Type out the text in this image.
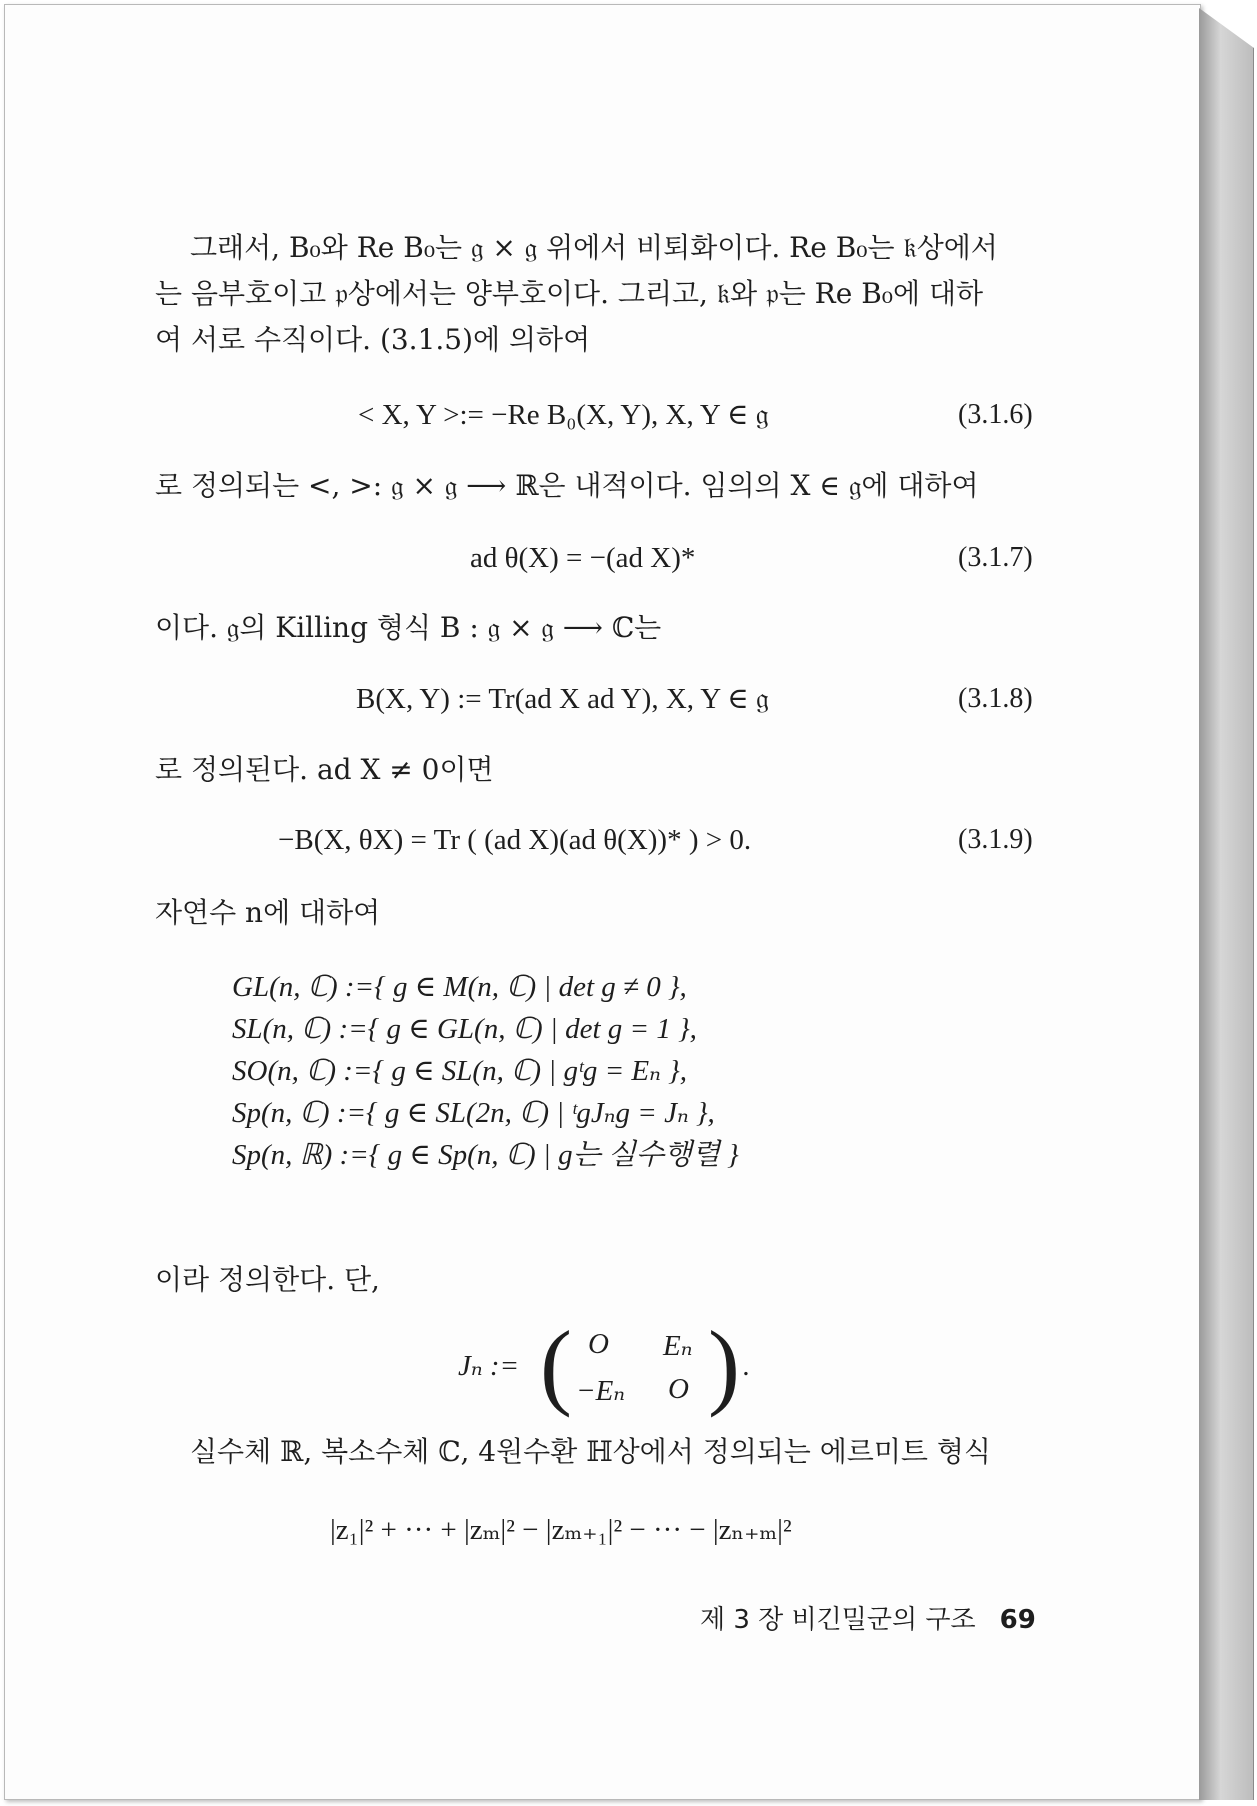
그래서, B₀와 Re B₀는 𝔤 × 𝔤 위에서 비퇴화이다. Re B₀는 𝔨상에서
는 음부호이고 𝔭상에서는 양부호이다. 그리고, 𝔨와 𝔭는 Re B₀에 대하
여 서로 수직이다. (3.1.5)에 의하여
< X, Y >:= −Re B₀(X, Y), X, Y ∈ 𝔤	(3.1.6)
로 정의되는 <, >: 𝔤 × 𝔤 ⟶ ℝ은 내적이다. 임의의 X ∈ 𝔤에 대하여
ad θ(X) = −(ad X)*	(3.1.7)
이다. 𝔤의 Killing 형식 B : 𝔤 × 𝔤 ⟶ ℂ는
B(X, Y) := Tr(ad X ad Y), X, Y ∈ 𝔤	(3.1.8)
로 정의된다. ad X ≠ 0이면
−B(X, θX) = Tr ( (ad X)(ad θ(X))* ) > 0.	(3.1.9)
자연수 n에 대하여
GL(n, ℂ) :={ g ∈ M(n, ℂ) | det g ≠ 0 },
SL(n, ℂ) :={ g ∈ GL(n, ℂ) | det g = 1 },
SO(n, ℂ) :={ g ∈ SL(n, ℂ) | gᵗg = Eₙ },
Sp(n, ℂ) :={ g ∈ SL(2n, ℂ) | ᵗgJₙg = Jₙ },
Sp(n, ℝ) :={ g ∈ Sp(n, ℂ) | g는 실수행렬 }
이라 정의한다. 단,
Jₙ := ( O Eₙ
−Eₙ O ) .
실수체 ℝ, 복소수체 ℂ, 4원수환 ℍ상에서 정의되는 에르미트 형식
|z₁|² + ··· + |zₘ|² − |zₘ₊₁|² − ··· − |zₙ₊ₘ|²
제 3 장 비긴밀군의 구조 69
